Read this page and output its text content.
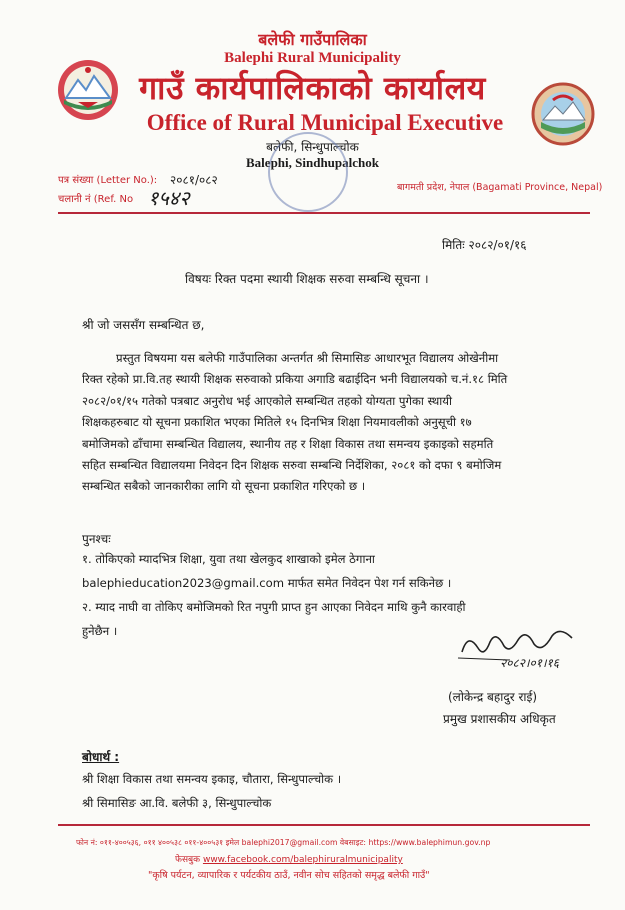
बलेफी गाउँपालिका
Balephi Rural Municipality
गाउँ कार्यपालिकाको कार्यालय
Office of Rural Municipal Executive
बलेफी, सिन्धुपाल्चोक
Balephi, Sindhupalchok
पत्र संख्या (Letter No.): २०८१/०८२
चलानी नं (Ref. No १५४२	बागमती प्रदेश, नेपाल (Bagamati Province, Nepal)
मितिः २०८२/०१/१६
विषयः रिक्त पदमा स्थायी शिक्षक सरुवा सम्बन्धि सूचना ।
श्री जो जससँग सम्बन्धित छ,
प्रस्तुत विषयमा यस बलेफी गाउँपालिका अन्तर्गत श्री सिमासिङ आधारभूत विद्यालय ओखेनीमा
रिक्त रहेको प्रा.वि.तह स्थायी शिक्षक सरुवाको प्रकिया अगाडि बढाईदिन भनी विद्यालयको च.नं.१८ मिति
२०८२/०१/१५ गतेको पत्रबाट अनुरोध भई आएकोले सम्बन्धित तहको योग्यता पुगेका स्थायी
शिक्षकहरुबाट यो सूचना प्रकाशित भएका मितिले १५ दिनभित्र शिक्षा नियमावलीको अनुसूची १७
बमोजिमको ढाँचामा सम्बन्धित विद्यालय, स्थानीय तह र शिक्षा विकास तथा समन्वय इकाइको सहमति
सहित सम्बन्धित विद्यालयमा निवेदन दिन शिक्षक सरुवा सम्बन्धि निर्देशिका, २०८१ को दफा ९ बमोजिम
सम्बन्धित सबैको जानकारीका लागि यो सूचना प्रकाशित गरिएको छ ।
पुनश्चः
१. तोकिएको म्यादभित्र शिक्षा, युवा तथा खेलकुद शाखाको इमेल ठेगाना
balephieducation2023@gmail.com मार्फत समेत निवेदन पेश गर्न सकिनेछ ।
२. म्याद नाघी वा तोकिए बमोजिमको रित नपुगी प्राप्त हुन आएका निवेदन माथि कुनै कारवाही
हुनेछैन ।
२०८२।०१।१६
(लोकेन्द्र बहादुर राई)
प्रमुख प्रशासकीय अधिकृत
बोधार्थ :
श्री शिक्षा विकास तथा समन्वय इकाइ, चौतारा, सिन्धुपाल्चोक ।
श्री सिमासिङ आ.वि. बलेफी ३, सिन्धुपाल्चोक
फोन नं: ०११-४००५३६, ०११ ४००५३८ ०११-४००५३१ इमेल balephi2017@gmail.com वेबसाइट: https://www.balephimun.gov.np
फेसबुक www.facebook.com/balephiruralmunicipality
"कृषि पर्यटन, व्यापारिक र पर्यटकीय ठाउँ, नवीन सोच सहितको समृद्ध बलेफी गाउँ"
